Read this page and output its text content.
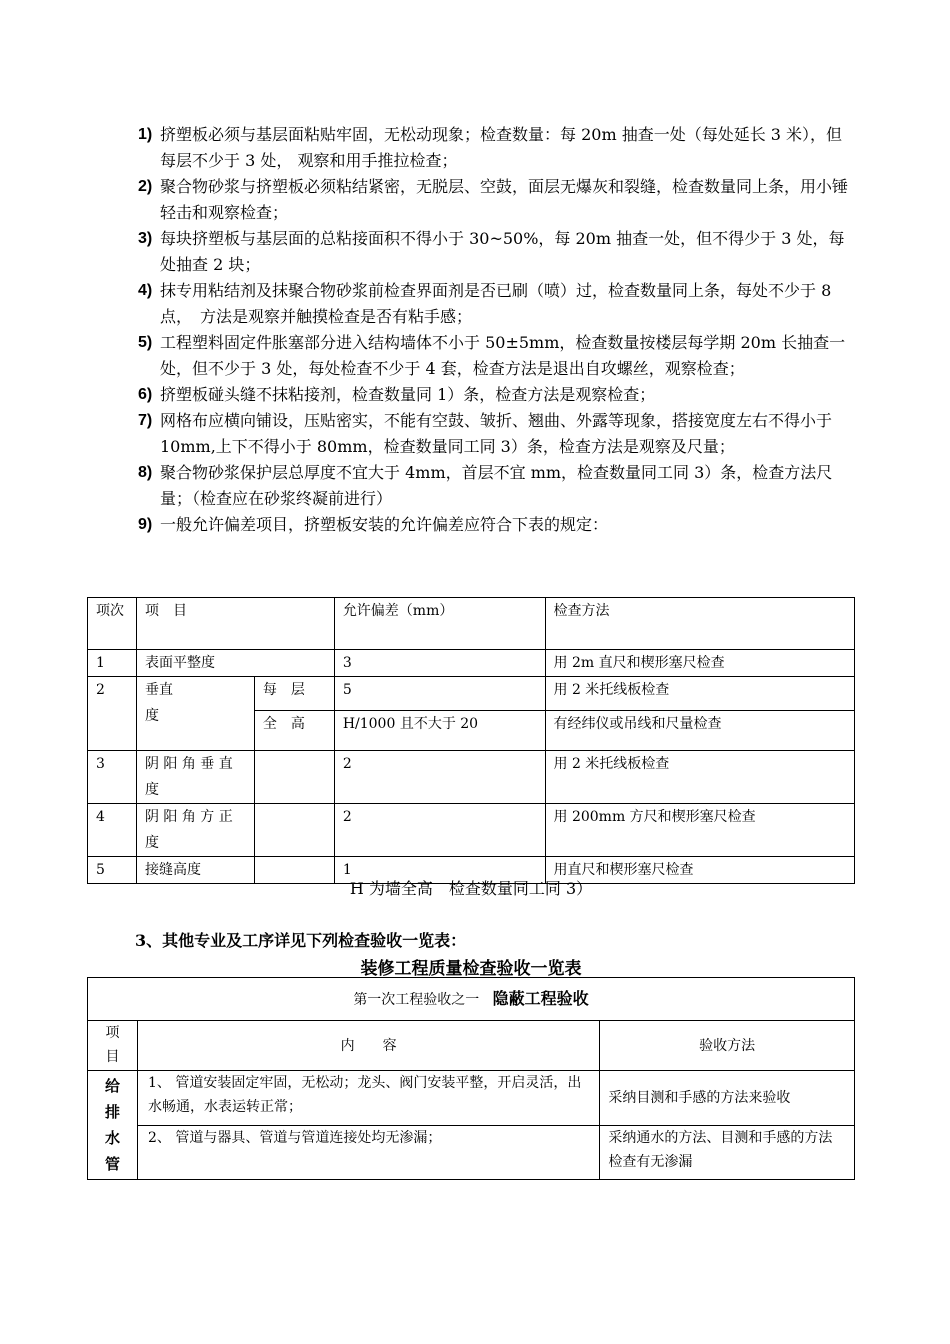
1) 挤塑板必须与基层面粘贴牢固，无松动现象；检查数量：每 20m 抽查一处（每处延长 3 米），但每层不少于 3 处， 观察和用手推拉检查；
2) 聚合物砂浆与挤塑板必须粘结紧密，无脱层、空鼓，面层无爆灰和裂缝，检查数量同上条，用小锤轻击和观察检查；
3) 每块挤塑板与基层面的总粘接面积不得小于 30~50%，每 20m 抽查一处，但不得少于 3 处，每处抽查 2 块；
4) 抹专用粘结剂及抹聚合物砂浆前检查界面剂是否已刷（喷）过，检查数量同上条，每处不少于 8 点，　方法是观察并触摸检查是否有粘手感；
5) 工程塑料固定件胀塞部分进入结构墙体不小于 50±5mm，检查数量按楼层每学期 20m 长抽查一处，但不少于 3 处，每处检查不少于 4 套，检查方法是退出自攻螺丝，观察检查；
6) 挤塑板碰头缝不抹粘接剂，检查数量同 1）条，检查方法是观察检查；
7) 网格布应横向铺设，压贴密实，不能有空鼓、皱折、翘曲、外露等现象，搭接宽度左右不得小于 10mm,上下不得小于 80mm，检查数量同工同 3）条，检查方法是观察及尺量；
8) 聚合物砂浆保护层总厚度不宜大于 4mm，首层不宜 mm，检查数量同工同 3）条，检查方法尺量；（检查应在砂浆终凝前进行）
9) 一般允许偏差项目，挤塑板安装的允许偏差应符合下表的规定：
项次	项　目		允许偏差（mm）	检查方法
1	表面平整度		3	用 2m 直尺和楔形塞尺检查
2	垂直度	每　层	5	用 2 米托线板检查
		全　高	H/1000 且不大于 20	有经纬仪或吊线和尺量检查
3	阴 阳 角 垂 直 度		2	用 2 米托线板检查
4	阴 阳 角 方 正 度		2	用 200mm 方尺和楔形塞尺检查
5	接缝高度		1	用直尺和楔形塞尺检查
H 为墙全高　检查数量同工同 3）
3、其他专业及工序详见下列检查验收一览表：
装修工程质量检查验收一览表
第一次工程验收之一 隐蔽工程验收		
项目	内　　容	验收方法
给排水管	1、 管道安装固定牢固，无松动；龙头、阀门安装平整，开启灵活，出水畅通，水表运转正常；	采纳目测和手感的方法来验收
	2、 管道与器具、管道与管道连接处均无渗漏；	采纳通水的方法、目测和手感的方法检查有无渗漏
